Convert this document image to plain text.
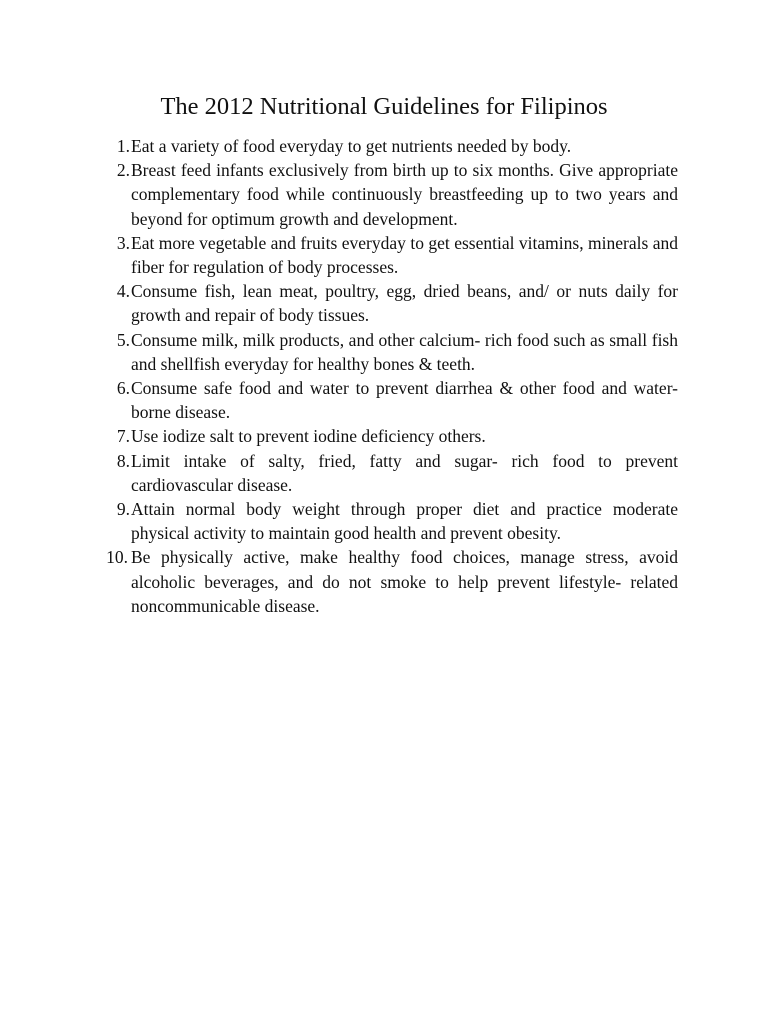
The 2012 Nutritional Guidelines for Filipinos
1. Eat a variety of food everyday to get nutrients needed by body.
2. Breast feed infants exclusively from birth up to six months. Give appropriate complementary food while continuously breastfeeding up to two years and beyond for optimum growth and development.
3. Eat more vegetable and fruits everyday to get essential vitamins, minerals and fiber for regulation of body processes.
4. Consume fish, lean meat, poultry, egg, dried beans, and/ or nuts daily for growth and repair of body tissues.
5. Consume milk, milk products, and other calcium- rich food such as small fish and shellfish everyday for healthy bones & teeth.
6. Consume safe food and water to prevent diarrhea & other food and water-borne disease.
7. Use iodize salt to prevent iodine deficiency others.
8. Limit intake of salty, fried, fatty and sugar- rich food to prevent cardiovascular disease.
9. Attain normal body weight through proper diet and practice moderate physical activity to maintain good health and prevent obesity.
10. Be physically active, make healthy food choices, manage stress, avoid alcoholic beverages, and do not smoke to help prevent lifestyle- related noncommunicable disease.
